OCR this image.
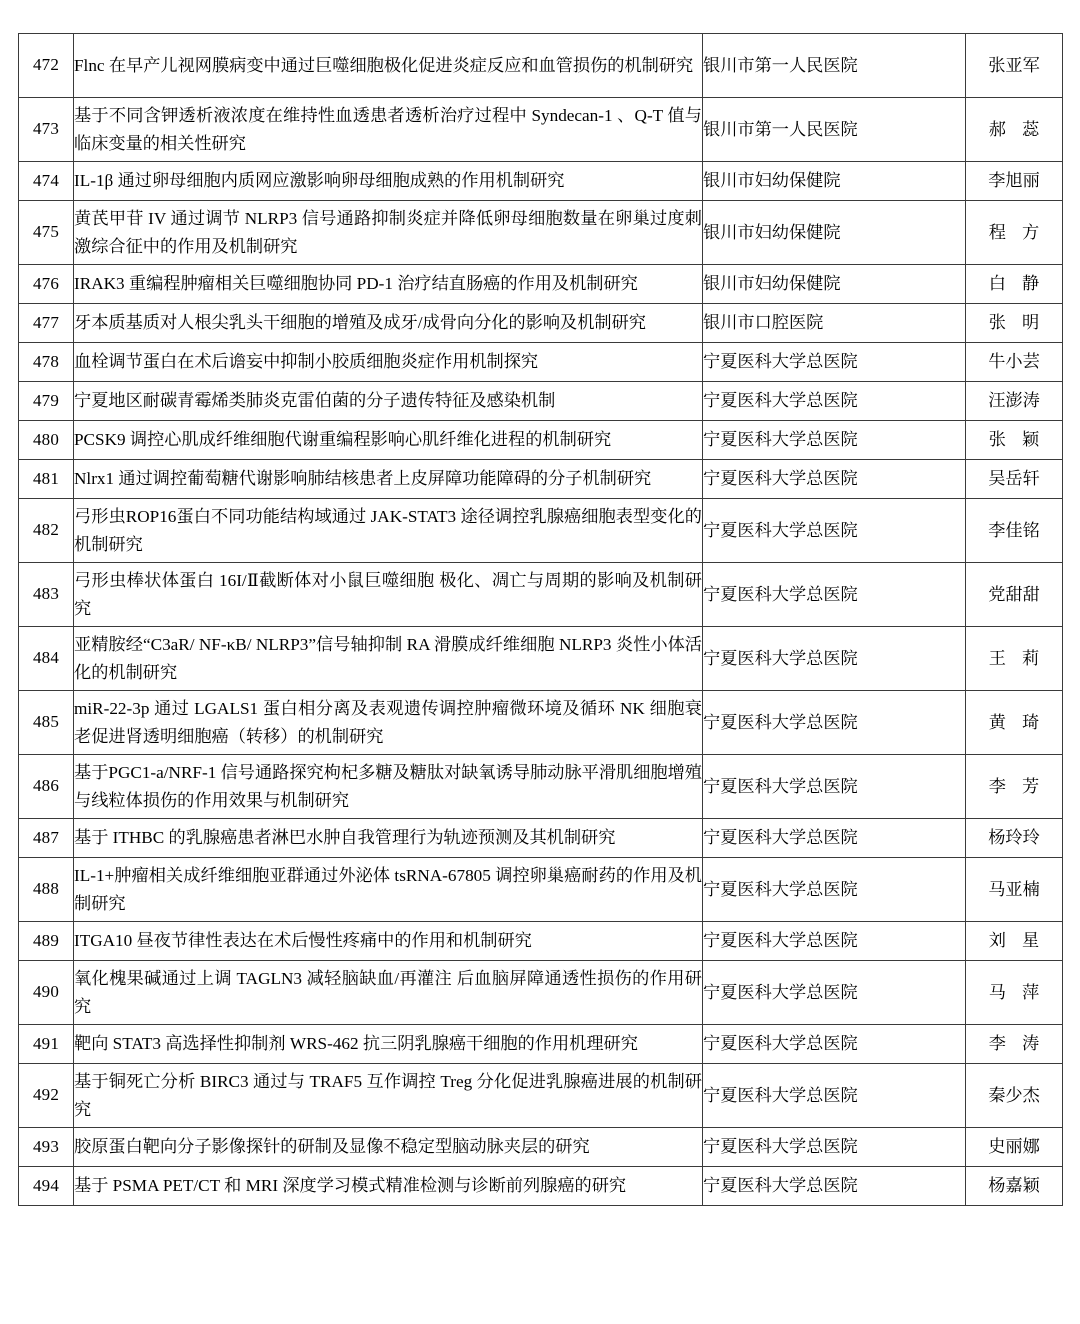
472	Flnc 在早产儿视网膜病变中通过巨噬细胞极化促进炎症反应和血管损伤的机制研究	银川市第一人民医院	张亚军
473	基于不同含钾透析液浓度在维持性血透患者透析治疗过程中 Syndecan-1 、Q-T 值与临床变量的相关性研究	银川市第一人民医院	郝 蕊
474	IL-1β 通过卵母细胞内质网应激影响卵母细胞成熟的作用机制研究	银川市妇幼保健院	李旭丽
475	黄芪甲苷 IV 通过调节 NLRP3 信号通路抑制炎症并降低卵母细胞数量在卵巢过度刺激综合征中的作用及机制研究	银川市妇幼保健院	程 方
476	IRAK3 重编程肿瘤相关巨噬细胞协同 PD-1 治疗结直肠癌的作用及机制研究	银川市妇幼保健院	白 静
477	牙本质基质对人根尖乳头干细胞的增殖及成牙/成骨向分化的影响及机制研究	银川市口腔医院	张 明
478	血栓调节蛋白在术后谵妄中抑制小胶质细胞炎症作用机制探究	宁夏医科大学总医院	牛小芸
479	宁夏地区耐碳青霉烯类肺炎克雷伯菌的分子遗传特征及感染机制	宁夏医科大学总医院	汪澎涛
480	PCSK9 调控心肌成纤维细胞代谢重编程影响心肌纤维化进程的机制研究	宁夏医科大学总医院	张 颖
481	Nlrx1 通过调控葡萄糖代谢影响肺结核患者上皮屏障功能障碍的分子机制研究	宁夏医科大学总医院	吴岳轩
482	弓形虫ROP16蛋白不同功能结构域通过 JAK-STAT3 途径调控乳腺癌细胞表型变化的机制研究	宁夏医科大学总医院	李佳铭
483	弓形虫棒状体蛋白 16I/Ⅱ截断体对小鼠巨噬细胞 极化、凋亡与周期的影响及机制研究	宁夏医科大学总医院	党甜甜
484	亚精胺经“C3aR/ NF-κB/ NLRP3”信号轴抑制 RA 滑膜成纤维细胞 NLRP3 炎性小体活化的机制研究	宁夏医科大学总医院	王 莉
485	miR-22-3p 通过 LGALS1 蛋白相分离及表观遗传调控肿瘤微环境及循环 NK 细胞衰老促进肾透明细胞癌（转移）的机制研究	宁夏医科大学总医院	黄 琦
486	基于PGC1-a/NRF-1 信号通路探究枸杞多糖及糖肽对缺氧诱导肺动脉平滑肌细胞增殖与线粒体损伤的作用效果与机制研究	宁夏医科大学总医院	李 芳
487	基于 ITHBC 的乳腺癌患者淋巴水肿自我管理行为轨迹预测及其机制研究	宁夏医科大学总医院	杨玲玲
488	IL-1+肿瘤相关成纤维细胞亚群通过外泌体 tsRNA-67805 调控卵巢癌耐药的作用及机制研究	宁夏医科大学总医院	马亚楠
489	ITGA10 昼夜节律性表达在术后慢性疼痛中的作用和机制研究	宁夏医科大学总医院	刘 星
490	氧化槐果碱通过上调 TAGLN3 减轻脑缺血/再灌注 后血脑屏障通透性损伤的作用研究	宁夏医科大学总医院	马 萍
491	靶向 STAT3 高选择性抑制剂 WRS-462 抗三阴乳腺癌干细胞的作用机理研究	宁夏医科大学总医院	李 涛
492	基于铜死亡分析 BIRC3 通过与 TRAF5 互作调控 Treg 分化促进乳腺癌进展的机制研究	宁夏医科大学总医院	秦少杰
493	胶原蛋白靶向分子影像探针的研制及显像不稳定型脑动脉夹层的研究	宁夏医科大学总医院	史丽娜
494	基于 PSMA PET/CT 和 MRI 深度学习模式精准检测与诊断前列腺癌的研究	宁夏医科大学总医院	杨嘉颖
